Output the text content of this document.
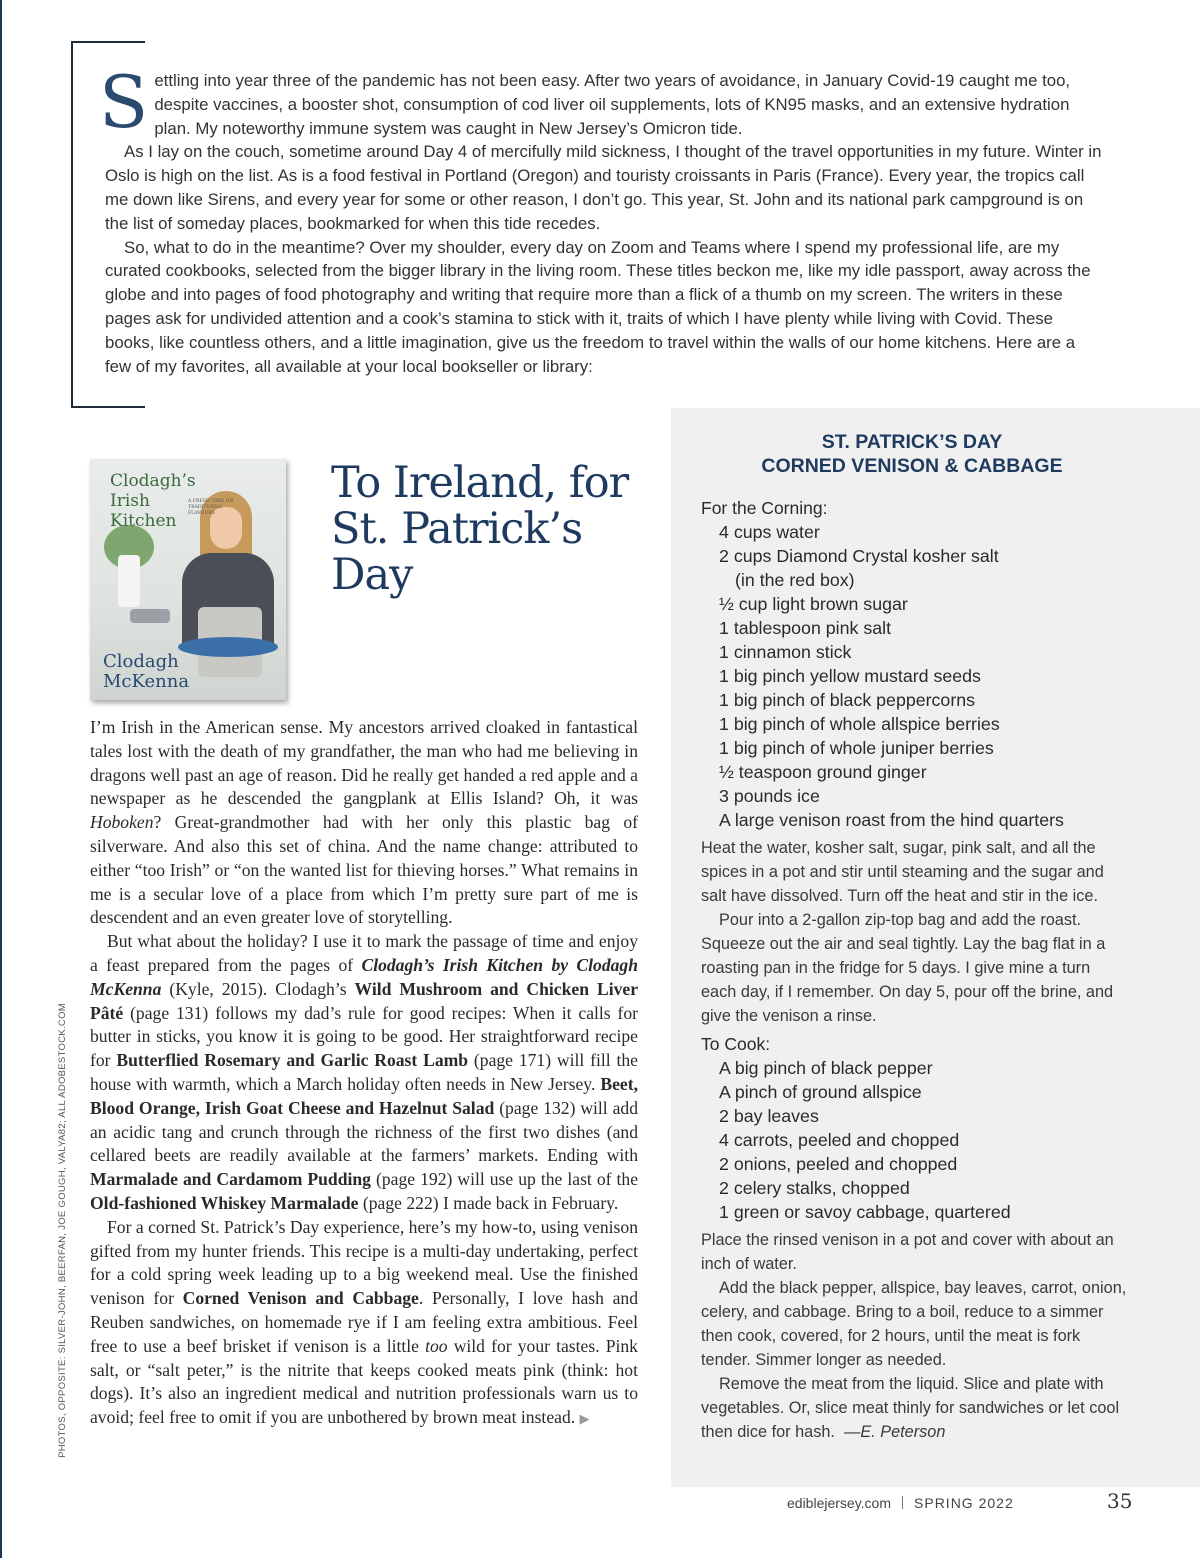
Settling into year three of the pandemic has not been easy. After two years of avoidance, in January Covid-19 caught me too, despite vaccines, a booster shot, consumption of cod liver oil supplements, lots of KN95 masks, and an extensive hydration plan. My noteworthy immune system was caught in New Jersey’s Omicron tide.

As I lay on the couch, sometime around Day 4 of mercifully mild sickness, I thought of the travel opportunities in my future. Winter in Oslo is high on the list. As is a food festival in Portland (Oregon) and touristy croissants in Paris (France). Every year, the tropics call me down like Sirens, and every year for some or other reason, I don’t go. This year, St. John and its national park campground is on the list of someday places, bookmarked for when this tide recedes.

So, what to do in the meantime? Over my shoulder, every day on Zoom and Teams where I spend my professional life, are my curated cookbooks, selected from the bigger library in the living room. These titles beckon me, like my idle passport, away across the globe and into pages of food photography and writing that require more than a flick of a thumb on my screen. The writers in these pages ask for undivided attention and a cook’s stamina to stick with it, traits of which I have plenty while living with Covid. These books, like countless others, and a little imagination, give us the freedom to travel within the walls of our home kitchens. Here are a few of my favorites, all available at your local bookseller or library:

Clodagh’s Irish Kitchen
A FRESH TAKE ON TRADITIONAL FLAVOURS
Clodagh McKenna
To Ireland, for St. Patrick’s Day

I’m Irish in the American sense. My ancestors arrived cloaked in fantastical tales lost with the death of my grandfather, the man who had me believing in dragons well past an age of reason. Did he really get handed a red apple and a newspaper as he descended the gangplank at Ellis Island? Oh, it was Hoboken? Great-grandmother had with her only this plastic bag of silverware. And also this set of china. And the name change: attributed to either “too Irish” or “on the wanted list for thieving horses.” What remains in me is a secular love of a place from which I’m pretty sure part of me is descendent and an even greater love of storytelling.

But what about the holiday? I use it to mark the passage of time and enjoy a feast prepared from the pages of Clodagh’s Irish Kitchen by Clodagh McKenna (Kyle, 2015). Clodagh’s Wild Mushroom and Chicken Liver Pâté (page 131) follows my dad’s rule for good recipes: When it calls for butter in sticks, you know it is going to be good. Her straightforward recipe for Butterflied Rosemary and Garlic Roast Lamb (page 171) will fill the house with warmth, which a March holiday often needs in New Jersey. Beet, Blood Orange, Irish Goat Cheese and Hazelnut Salad (page 132) will add an acidic tang and crunch through the richness of the first two dishes (and cellared beets are readily available at the farmers’ markets. Ending with Marmalade and Cardamom Pudding (page 192) will use up the last of the Old-fashioned Whiskey Marmalade (page 222) I made back in February.

For a corned St. Patrick’s Day experience, here’s my how-to, using venison gifted from my hunter friends. This recipe is a multi-day undertaking, perfect for a cold spring week leading up to a big weekend meal. Use the finished venison for Corned Venison and Cabbage. Personally, I love hash and Reuben sandwiches, on homemade rye if I am feeling extra ambitious. Feel free to use a beef brisket if venison is a little too wild for your tastes. Pink salt, or “salt peter,” is the nitrite that keeps cooked meats pink (think: hot dogs). It’s also an ingredient medical and nutrition professionals warn us to avoid; feel free to omit if you are unbothered by brown meat instead. ▶

PHOTOS, OPPOSITE: SILVER-JOHN, BEERFAN, JOE GOUGH, VALYA82; ALL ADOBESTOCK.COM
ST. PATRICK’S DAY
CORNED VENISON & CABBAGE

For the Corning:

4 cups water
2 cups Diamond Crystal kosher salt
(in the red box)
½ cup light brown sugar
1 tablespoon pink salt
1 cinnamon stick
1 big pinch yellow mustard seeds
1 big pinch of black peppercorns
1 big pinch of whole allspice berries
1 big pinch of whole juniper berries
½ teaspoon ground ginger
3 pounds ice
A large venison roast from the hind quarters

Heat the water, kosher salt, sugar, pink salt, and all the spices in a pot and stir until steaming and the sugar and salt have dissolved. Turn off the heat and stir in the ice.

Pour into a 2-gallon zip-top bag and add the roast. Squeeze out the air and seal tightly. Lay the bag flat in a roasting pan in the fridge for 5 days. I give mine a turn each day, if I remember. On day 5, pour off the brine, and give the venison a rinse.

To Cook:

A big pinch of black pepper
A pinch of ground allspice
2 bay leaves
4 carrots, peeled and chopped
2 onions, peeled and chopped
2 celery stalks, chopped
1 green or savoy cabbage, quartered

Place the rinsed venison in a pot and cover with about an inch of water.

Add the black pepper, allspice, bay leaves, carrot, onion, celery, and cabbage. Bring to a boil, reduce to a simmer then cook, covered, for 2 hours, until the meat is fork tender. Simmer longer as needed.

Remove the meat from the liquid. Slice and plate with vegetables. Or, slice meat thinly for sandwiches or let cool then dice for hash. —E. Peterson

ediblejersey.com SPRING 2022	35
